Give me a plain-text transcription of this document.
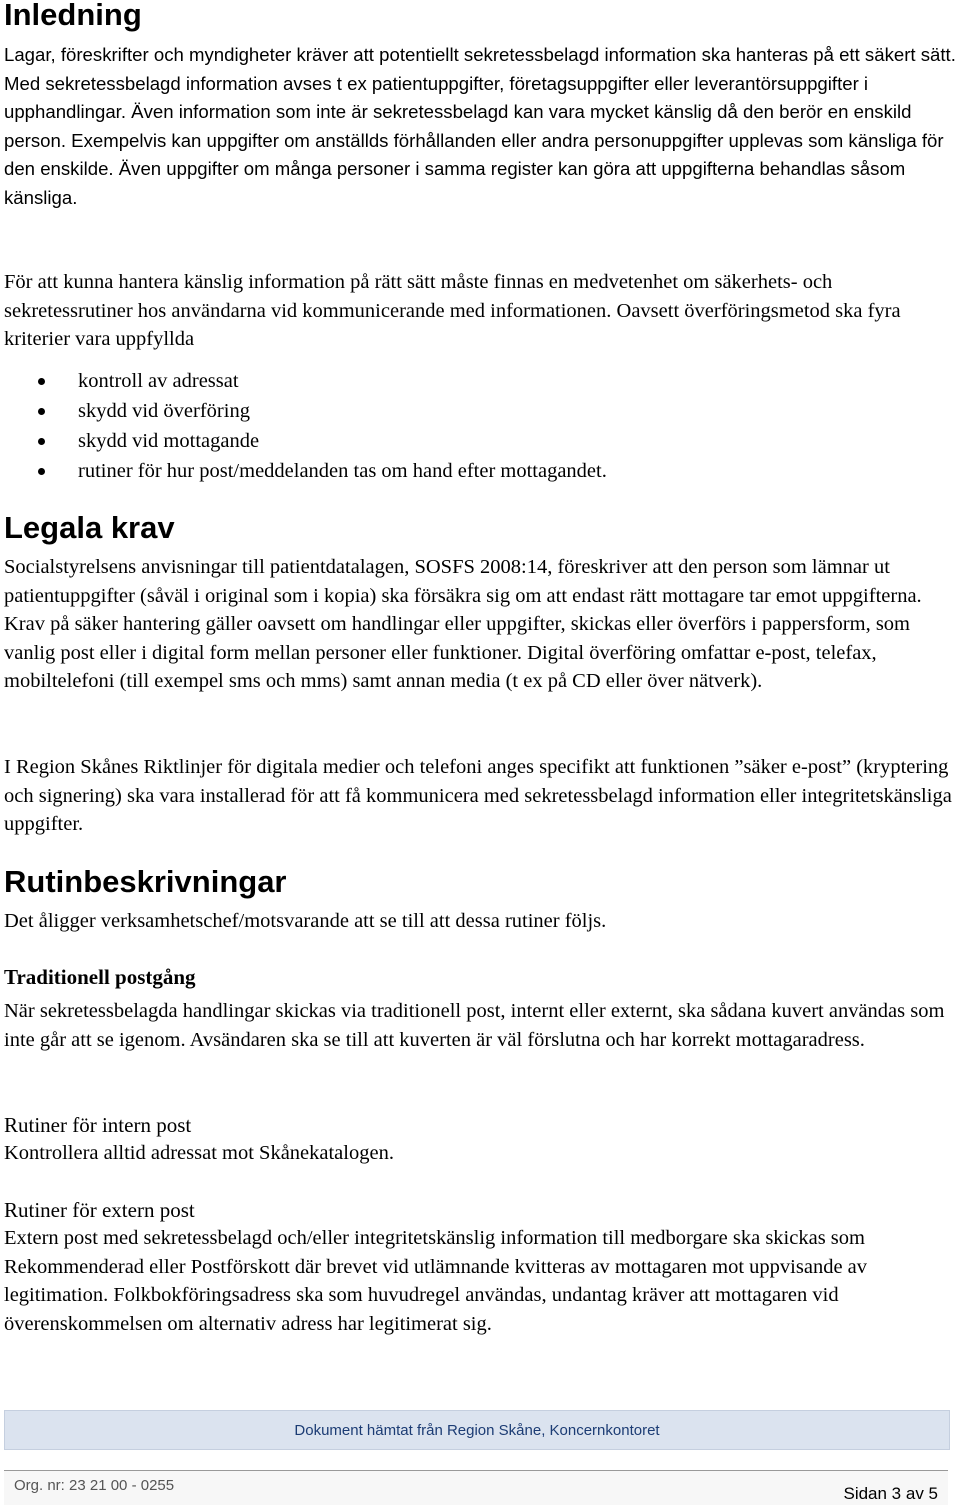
Inledning

Lagar, föreskrifter och myndigheter kräver att potentiellt sekretessbelagd information ska hanteras på ett säkert sätt. Med sekretessbelagd information avses t ex patientuppgifter, företagsuppgifter eller leverantörsuppgifter i upphandlingar. Även information som inte är sekretessbelagd kan vara mycket känslig då den berör en enskild person. Exempelvis kan uppgifter om anställds förhållanden eller andra personuppgifter upplevas som känsliga för den enskilde. Även uppgifter om många personer i samma register kan göra att uppgifterna behandlas såsom känsliga.

För att kunna hantera känslig information på rätt sätt måste finnas en medvetenhet om säkerhets- och sekretessrutiner hos användarna vid kommunicerande med informationen. Oavsett överföringsmetod ska fyra kriterier vara uppfyllda

kontroll av adressat
skydd vid överföring
skydd vid mottagande
rutiner för hur post/meddelanden tas om hand efter mottagandet.
Legala krav

Socialstyrelsens anvisningar till patientdatalagen, SOSFS 2008:14, föreskriver att den person som lämnar ut patientuppgifter (såväl i original som i kopia) ska försäkra sig om att endast rätt mottagare tar emot uppgifterna. Krav på säker hantering gäller oavsett om handlingar eller uppgifter, skickas eller överförs i pappersform, som vanlig post eller i digital form mellan personer eller funktioner. Digital överföring omfattar e-post, telefax, mobiltelefoni (till exempel sms och mms) samt annan media (t ex på CD eller över nätverk).

I Region Skånes Riktlinjer för digitala medier och telefoni anges specifikt att funktionen ”säker e-post” (kryptering och signering) ska vara installerad för att få kommunicera med sekretessbelagd information eller integritetskänsliga uppgifter.

Rutinbeskrivningar

Det åligger verksamhetschef/motsvarande att se till att dessa rutiner följs.

Traditionell postgång

När sekretessbelagda handlingar skickas via traditionell post, internt eller externt, ska sådana kuvert användas som inte går att se igenom. Avsändaren ska se till att kuverten är väl förslutna och har korrekt mottagaradress.

Rutiner för intern post

Kontrollera alltid adressat mot Skånekatalogen.

Rutiner för extern post

Extern post med sekretessbelagd och/eller integritetskänslig information till medborgare ska skickas som Rekommenderad eller Postförskott där brevet vid utlämnande kvitteras av mottagaren mot uppvisande av legitimation. Folkbokföringsadress ska som huvudregel användas, undantag kräver att mottagaren vid överenskommelsen om alternativ adress har legitimerat sig.

Dokument hämtat från Region Skåne, Koncernkontoret
Org. nr: 23 21 00 - 0255	Sidan 3 av 5
